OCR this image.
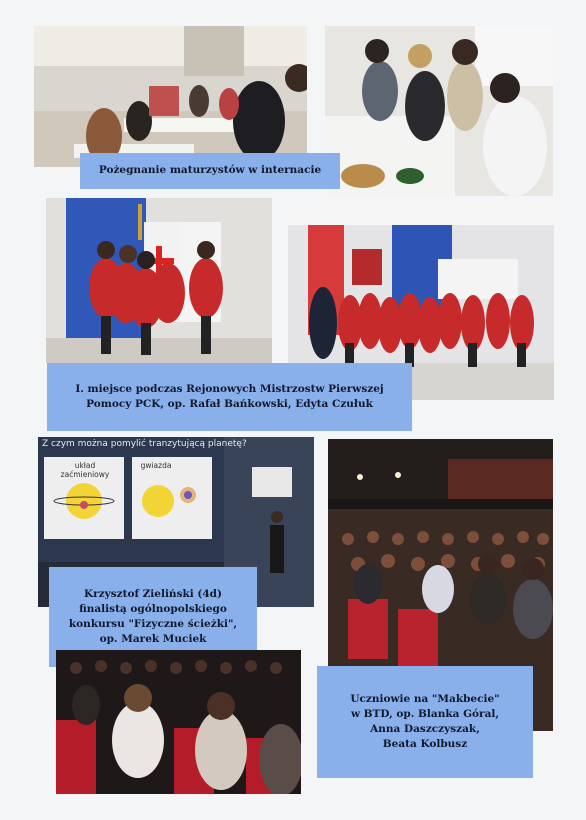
Pożegnanie maturzystów w internacie
I. miejsce podczas Rejonowych Mistrzostw Pierwszej
Pomocy PCK, op. Rafał Bańkowski, Edyta Czułuk
Z czym można pomylić tranzytującą planetę?
układ zaćmieniowy
gwiazda
Krzysztof Zieliński (4d)
finalistą ogólnopolskiego
konkursu "Fizyczne ścieżki",
op. Marek Muciek
Uczniowie na "Makbecie"
w BTD, op. Blanka Góral,
Anna Daszczyszak,
Beata Kolbusz
